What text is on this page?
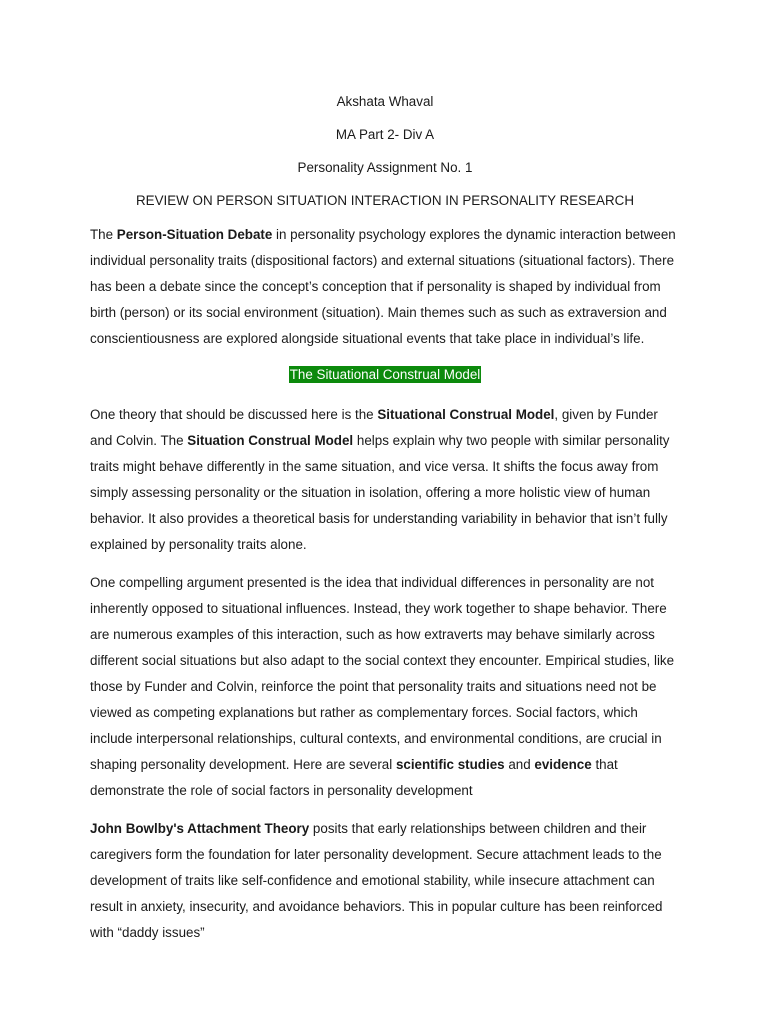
Akshata Whaval
MA Part 2- Div A
Personality Assignment No. 1
REVIEW ON PERSON SITUATION INTERACTION IN PERSONALITY RESEARCH

The Person-Situation Debate in personality psychology explores the dynamic interaction between individual personality traits (dispositional factors) and external situations (situational factors). There has been a debate since the concept’s conception that if personality is shaped by individual from birth (person) or its social environment (situation). Main themes such as such as extraversion and conscientiousness are explored alongside situational events that take place in individual’s life.

The Situational Construal Model

One theory that should be discussed here is the Situational Construal Model, given by Funder and Colvin. The Situation Construal Model helps explain why two people with similar personality traits might behave differently in the same situation, and vice versa. It shifts the focus away from simply assessing personality or the situation in isolation, offering a more holistic view of human behavior. It also provides a theoretical basis for understanding variability in behavior that isn’t fully explained by personality traits alone.

One compelling argument presented is the idea that individual differences in personality are not inherently opposed to situational influences. Instead, they work together to shape behavior. There are numerous examples of this interaction, such as how extraverts may behave similarly across different social situations but also adapt to the social context they encounter. Empirical studies, like those by Funder and Colvin, reinforce the point that personality traits and situations need not be viewed as competing explanations but rather as complementary forces. Social factors, which include interpersonal relationships, cultural contexts, and environmental conditions, are crucial in shaping personality development. Here are several scientific studies and evidence that demonstrate the role of social factors in personality development

John Bowlby's Attachment Theory posits that early relationships between children and their caregivers form the foundation for later personality development. Secure attachment leads to the development of traits like self-confidence and emotional stability, while insecure attachment can result in anxiety, insecurity, and avoidance behaviors. This in popular culture has been reinforced with “daddy issues”
